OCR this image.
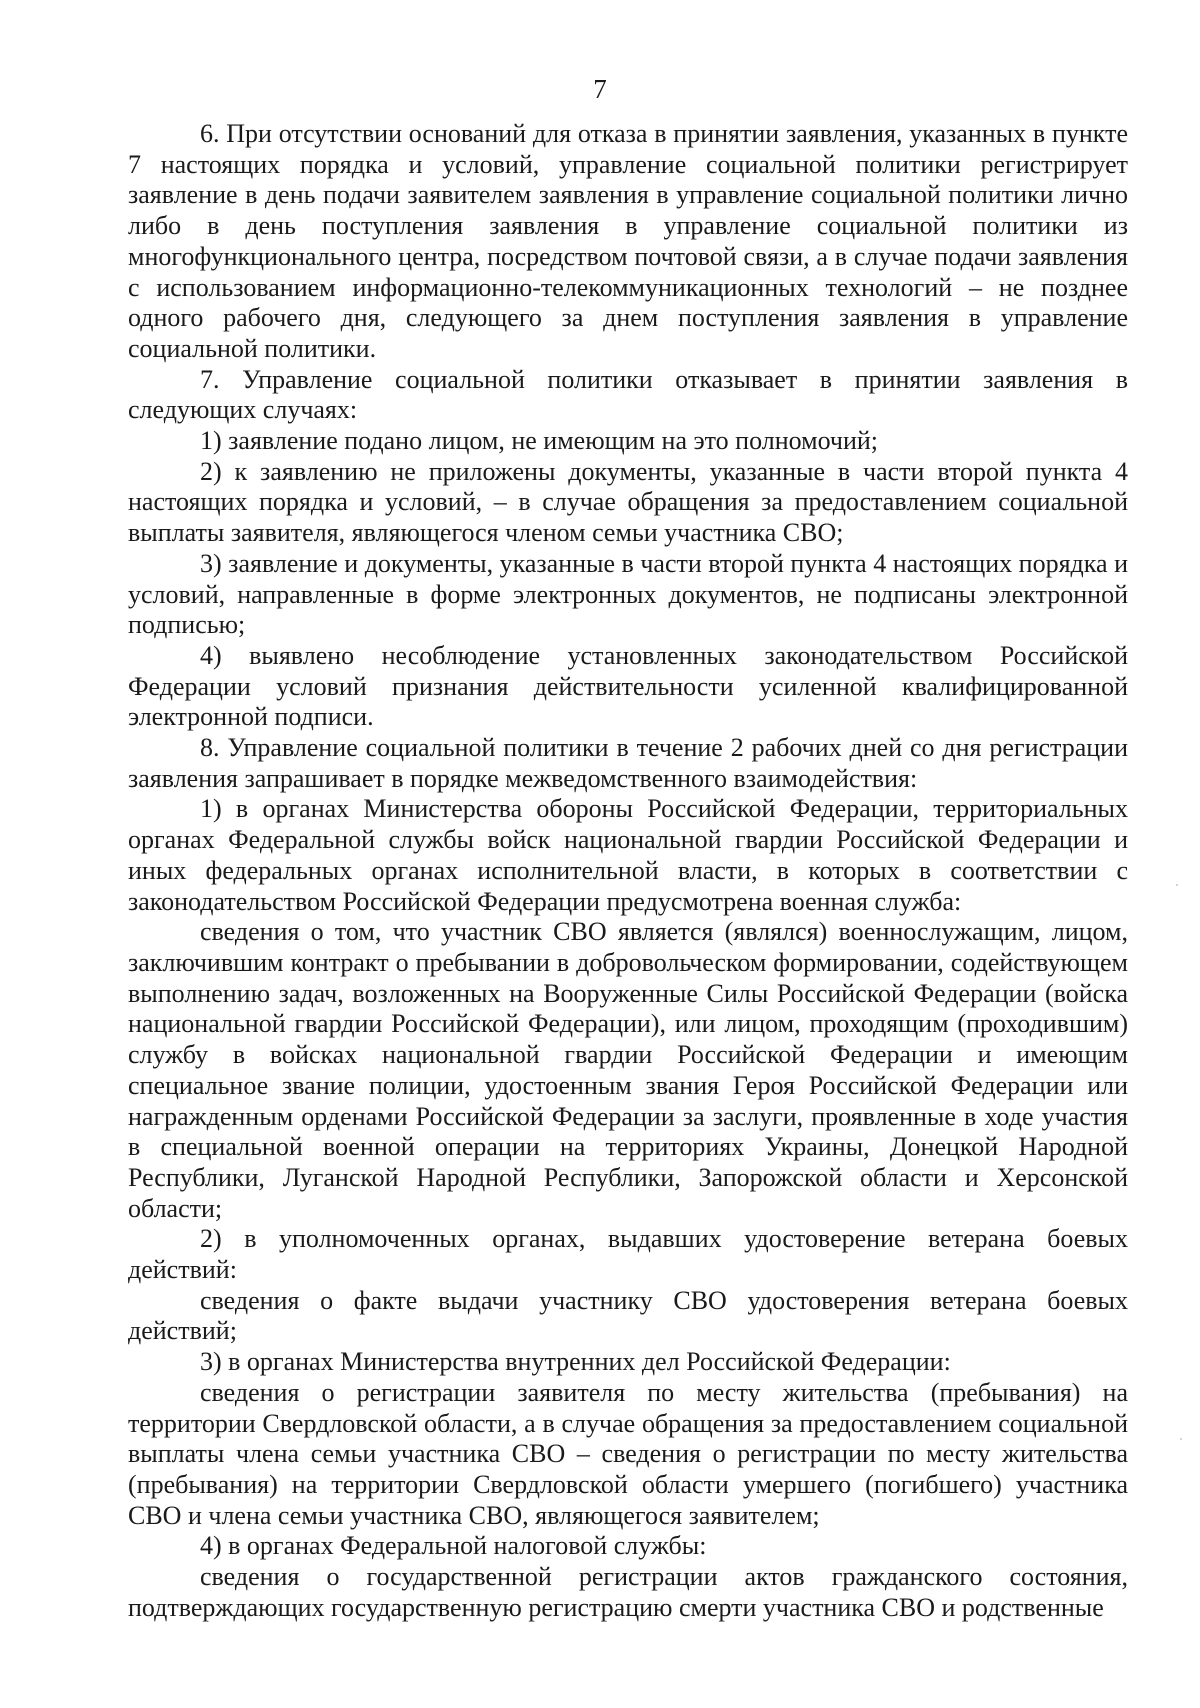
7

6. При отсутствии оснований для отказа в принятии заявления, указанных в пункте 7 настоящих порядка и условий, управление социальной политики регистрирует заявление в день подачи заявителем заявления в управление социальной политики лично либо в день поступления заявления в управление социальной политики из многофункционального центра, посредством почтовой связи, а в случае подачи заявления с использованием информационно-телекоммуникационных технологий – не позднее одного рабочего дня, следующего за днем поступления заявления в управление социальной политики.

7. Управление социальной политики отказывает в принятии заявления в следующих случаях:

1) заявление подано лицом, не имеющим на это полномочий;

2) к заявлению не приложены документы, указанные в части второй пункта 4 настоящих порядка и условий, – в случае обращения за предоставлением социальной выплаты заявителя, являющегося членом семьи участника СВО;

3) заявление и документы, указанные в части второй пункта 4 настоящих порядка и условий, направленные в форме электронных документов, не подписаны электронной подписью;

4) выявлено несоблюдение установленных законодательством Российской Федерации условий признания действительности усиленной квалифицированной электронной подписи.

8. Управление социальной политики в течение 2 рабочих дней со дня регистрации заявления запрашивает в порядке межведомственного взаимодействия:

1) в органах Министерства обороны Российской Федерации, территориальных органах Федеральной службы войск национальной гвардии Российской Федерации и иных федеральных органах исполнительной власти, в которых в соответствии с законодательством Российской Федерации предусмотрена военная служба:

сведения о том, что участник СВО является (являлся) военнослужащим, лицом, заключившим контракт о пребывании в добровольческом формировании, содействующем выполнению задач, возложенных на Вооруженные Силы Российской Федерации (войска национальной гвардии Российской Федерации), или лицом, проходящим (проходившим) службу в войсках национальной гвардии Российской Федерации и имеющим специальное звание полиции, удостоенным звания Героя Российской Федерации или награжденным орденами Российской Федерации за заслуги, проявленные в ходе участия в специальной военной операции на территориях Украины, Донецкой Народной Республики, Луганской Народной Республики, Запорожской области и Херсонской области;

2) в уполномоченных органах, выдавших удостоверение ветерана боевых действий:

сведения о факте выдачи участнику СВО удостоверения ветерана боевых действий;

3) в органах Министерства внутренних дел Российской Федерации:

сведения о регистрации заявителя по месту жительства (пребывания) на территории Свердловской области, а в случае обращения за предоставлением социальной выплаты члена семьи участника СВО – сведения о регистрации по месту жительства (пребывания) на территории Свердловской области умершего (погибшего) участника СВО и члена семьи участника СВО, являющегося заявителем;

4) в органах Федеральной налоговой службы:

сведения о государственной регистрации актов гражданского состояния, подтверждающих государственную регистрацию смерти участника СВО и родственные
